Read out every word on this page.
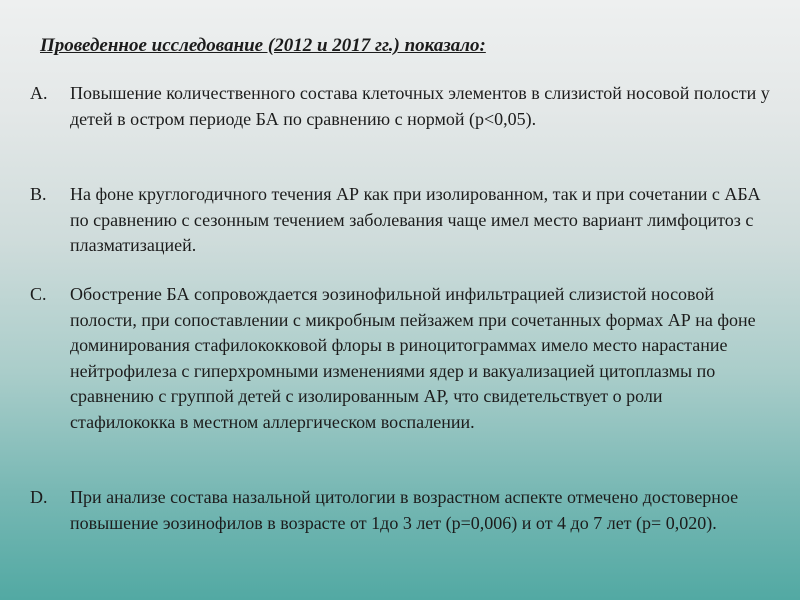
Проведенное исследование (2012 и 2017 гг.) показало:
A.	Повышение количественного состава клеточных элементов в слизистой носовой полости у детей в остром периоде БА по сравнению с нормой (p<0,05).
B.	На фоне круглогодичного течения АР как при изолированном, так и при сочетании с АБА по сравнению с сезонным течением заболевания чаще имел место вариант лимфоцитоз с плазматизацией.
C.	Обострение БА сопровождается эозинофильной инфильтрацией слизистой носовой полости, при сопоставлении с микробным пейзажем при сочетанных формах АР на фоне доминирования стафилококковой флоры в риноцитограммах имело место нарастание нейтрофилеза с гиперхромными изменениями ядер и вакуализацией цитоплазмы по сравнению с группой детей с изолированным АР, что свидетельствует о роли стафилококка в местном аллергическом воспалении.
D.	При анализе состава назальной цитологии в возрастном аспекте отмечено достоверное повышение эозинофилов в возрасте от 1до 3 лет (p=0,006) и от 4 до 7 лет (p= 0,020).
